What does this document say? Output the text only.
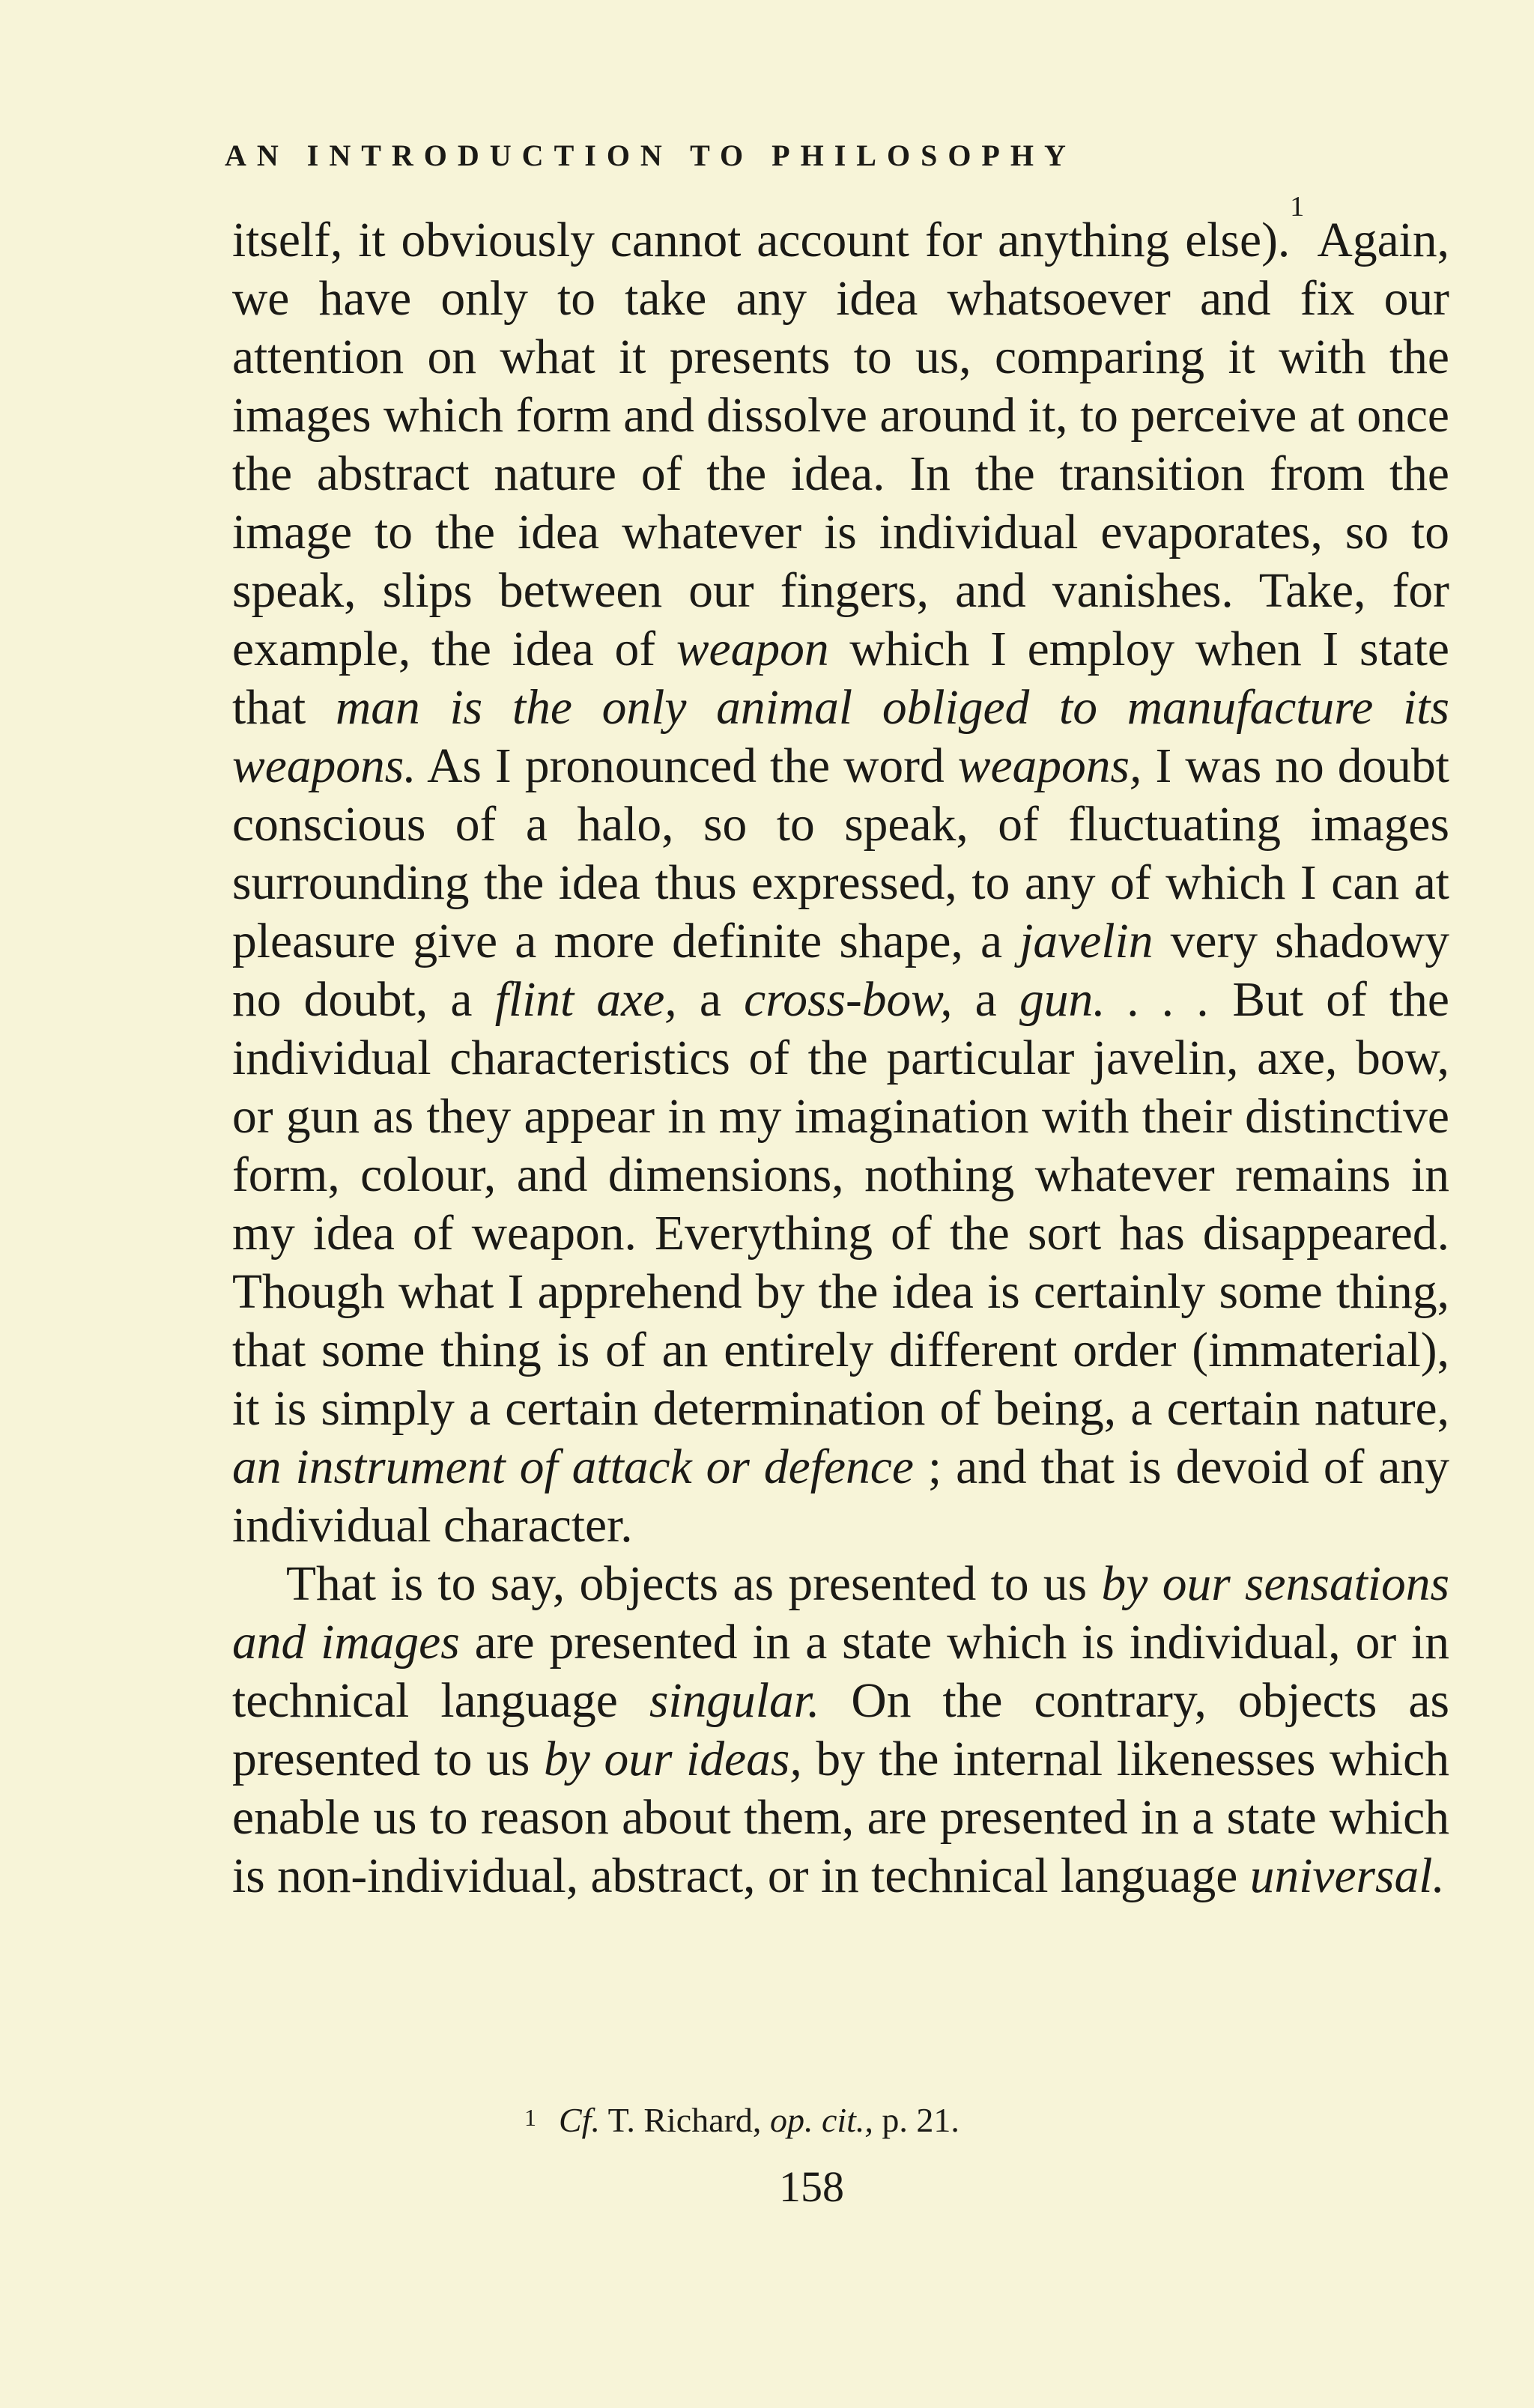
AN INTRODUCTION TO PHILOSOPHY

itself, it obviously cannot account for anything else).$^1$ Again, we have only to take any idea whatsoever and fix our attention on what it presents to us, comparing it with the images which form and dissolve around it, to perceive at once the abstract nature of the idea. In the transition from the image to the idea whatever is individual evaporates, so to speak, slips between our fingers, and vanishes. Take, for example, the idea of weapon which I employ when I state that man is the only animal obliged to manufacture its weapons. As I pronounced the word weapons, I was no doubt conscious of a halo, so to speak, of fluctuating images surrounding the idea thus expressed, to any of which I can at pleasure give a more definite shape, a javelin very shadowy no doubt, a flint axe, a cross-bow, a gun. . . . But of the individual characteristics of the particular javelin, axe, bow, or gun as they appear in my imagination with their distinctive form, colour, and dimensions, nothing whatever remains in my idea of weapon. Everything of the sort has disappeared. Though what I apprehend by the idea is certainly some thing, that some thing is of an entirely different order (immaterial), it is simply a certain determination of being, a certain nature, an instrument of attack or defence ; and that is devoid of any individual character.

That is to say, objects as presented to us by our sensations and images are presented in a state which is individual, or in technical language singular. On the contrary, objects as presented to us by our ideas, by the internal likenesses which enable us to reason about them, are presented in a state which is non-individual, abstract, or in technical language universal.

$^1$ Cf. T. Richard, op. cit., p. 21.
158
